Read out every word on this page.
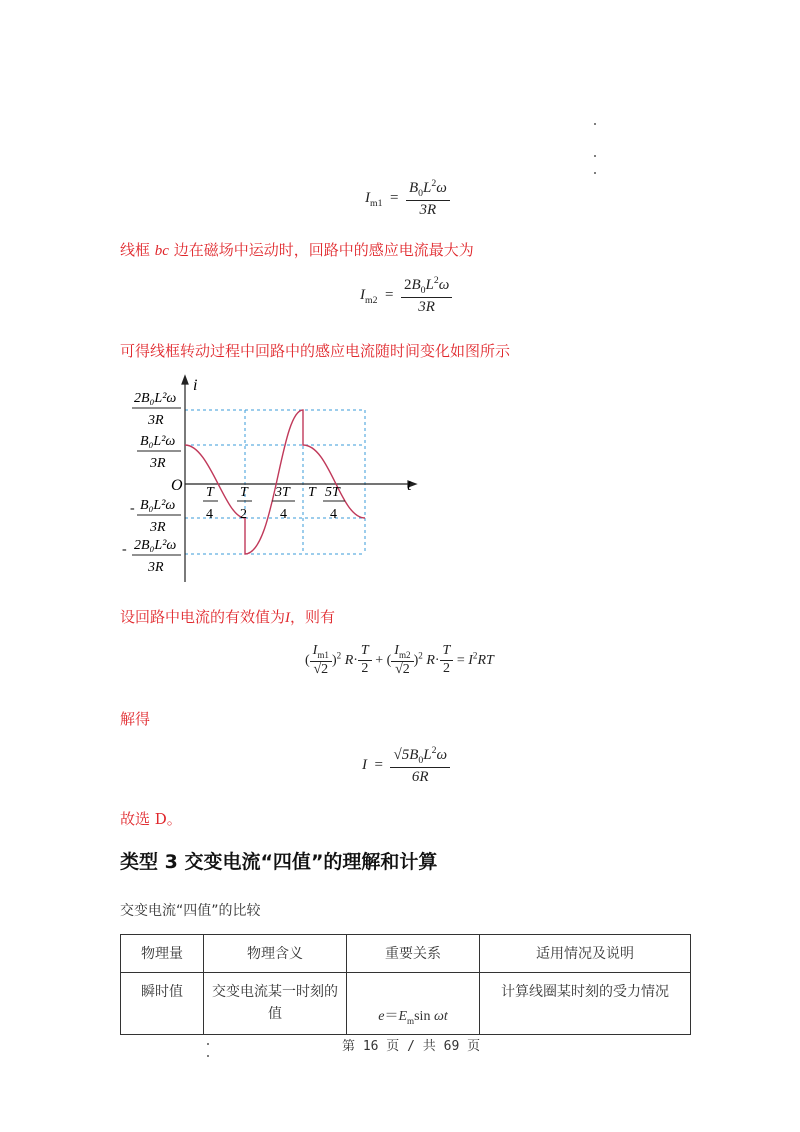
$I_{m1} = \frac{B_0L^2\omega}{3R}$
线框 bc 边在磁场中运动时，回路中的感应电流最大为
$I_{m2} = \frac{2B_0L^2\omega}{3R}$
可得线框转动过程中回路中的感应电流随时间变化如图所示
i
t
O
2B₀L²ω
3R
B₀L²ω
3R
- B₀L²ω
3R
- 2B₀L²ω
3R
T
4
T
2
3T
4
T 5T
4
设回路中电流的有效值为I，则有
( $\frac{I_{m1}}{√2} )^2$ $R\cdot \frac{T}{2}$ + ( $\frac{I_{m2}}{√2} )^2$ $R\cdot \frac{T}{2} = I^2RT$
解得
$I = \frac{√5B_0L^2\omega}{6R}$
故选 D。
类型 3 交变电流“四值”的理解和计算
交变电流“四值”的比较
物理量	物理含义	重要关系	适用情况及说明
瞬时值	交变电流某一时刻的值	$e=E_m\sin$ ωt	计算线圈某时刻的受力情况
第 16 页 / 共 69 页
